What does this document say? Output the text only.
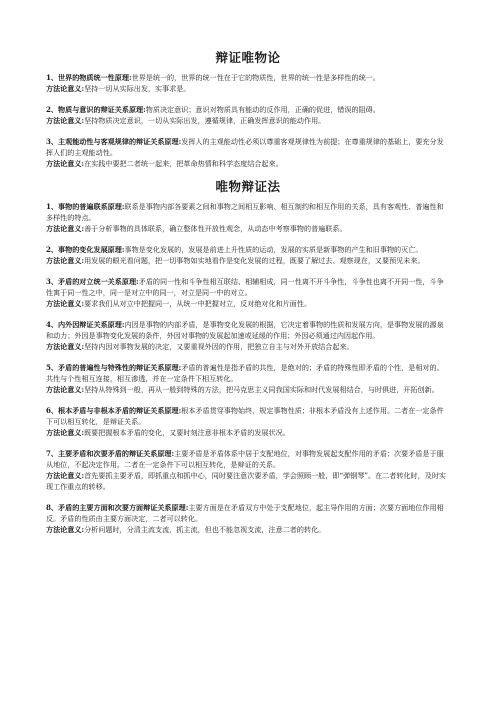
辩证唯物论

1、世界的物质统一性原理:世界是统一的，世界的统一性在于它的物质性，世界的统一性是多样性的统一。

方法论意义:坚持一切从实际出发，实事求是。

2、物质与意识的辩证关系原理:物质决定意识；意识对物质具有能动的反作用，正确的促进，错误的阻碍。

方法论意义:坚持物质决定意识，一切从实际出发，遵循规律，正确发挥意识的能动作用。

3、主观能动性与客观规律的辩证关系原理:发挥人的主观能动性必须以尊重客观规律性为前提；在尊重规律的基础上，要充分发挥人们的主观能动性。

方法论意义:在实践中要把二者统一起来，把革命热情和科学态度结合起来。

唯物辩证法

1、事物的普遍联系原理:联系是事物内部各要素之间和事物之间相互影响、相互制约和相互作用的关系，具有客观性、普遍性和多样性的特点。

方法论意义:善于分析事物的具体联系，确立整体性开放性观念，从动态中考察事物的普遍联系。

2、事物的变化发展原理:事物是变化发展的，发展是前进上升性质的运动，发展的实质是新事物的产生和旧事物的灭亡。

方法论意义:用发展的眼光看问题，把一切事物如实地看作是变化发展的过程，既要了解过去、观察现在，又要预见未来。

3、矛盾的对立统一关系原理:矛盾的同一性和斗争性相互联结、相辅相成，同一性离不开斗争性，斗争性也离不开同一性，斗争性寓于同一性之中，同一是对立中的同一，对立是同一中的对立。

方法论意义:要求我们从对立中把握同一，从统一中把握对立，反对绝对化和片面性。

4、内外因辩证关系原理:内因是事物的内部矛盾，是事物变化发展的根据，它决定着事物的性质和发展方向，是事物发展的源泉和动力；外因是事物变化发展的条件，外因对事物的发展起加速或延缓的作用；外因必须通过内因起作用。

方法论意义:坚持内因对事物发展的决定，又要重视外因的作用，把独立自主与对外开放结合起来。

5、矛盾的普遍性与特殊性的辩证关系原理:矛盾的普遍性是指矛盾的共性，是绝对的；矛盾的特殊性即矛盾的个性，是相对的。共性与个性相互连接，相互渗透，并在一定条件下相互转化。

方法论意义:坚持从特殊到一般，再从一般到特殊的方法，把马克思主义同我国实际和时代发展相结合，与时俱进，开拓创新。

6、根本矛盾与非根本矛盾的辩证关系原理:根本矛盾贯穿事物始终，规定事物性质；非根本矛盾没有上述作用。二者在一定条件下可以相互转化，是辩证关系。

方法论意义:既要把握根本矛盾的变化，又要时刻注意非根本矛盾的发展状况。

7、主要矛盾和次要矛盾的辩证关系原理:主要矛盾是矛盾体系中居于支配地位，对事物发展起支配作用的矛盾；次要矛盾是于服从地位，不起决定作用。二者在一定条件下可以相互转化，是辩证的关系。

方法论意义:首先要抓主要矛盾，即抓重点和抓中心，同时要注意次要矛盾，学会照顾一般，即“弹钢琴”。在二者转化时，及时实现工作重点的转移。

8、矛盾的主要方面和次要方面辩证关系原理:主要方面是在矛盾双方中处于支配地位，起主导作用的方面；次要方面地位作用相反。矛盾的性质由主要方面决定，二者可以转化。

方法论意义:分析问题时，分清主流支流，抓主流，但也不能忽视支流，注意二者的转化。
